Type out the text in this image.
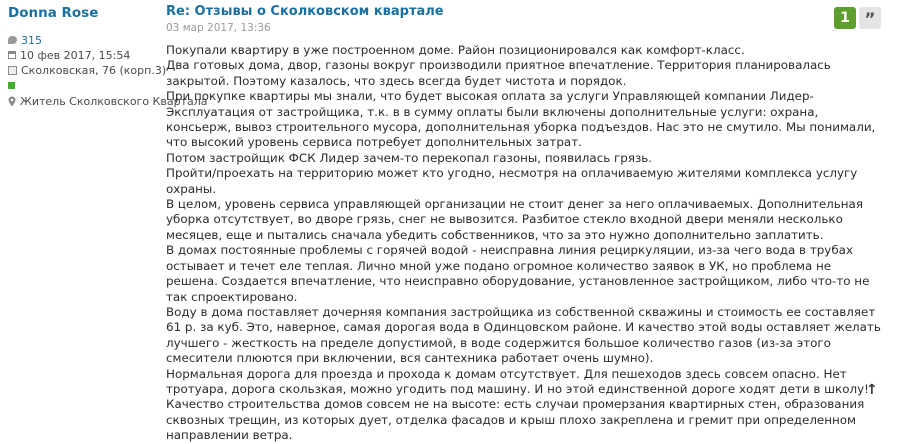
Donna Rose
315
10 фев 2017, 15:54
Сколковская, 76 (корп.3)
Житель Сколковского Квартала
Re: Отзывы о Сколковском квартале
03 мар 2017, 13:36
1 ”

Покупали квартиру в уже построенном доме. Район позиционировался как комфорт-класс.

Два готовых дома, двор, газоны вокруг производили приятное впечатление. Территория планировалась закрытой. Поэтому казалось, что здесь всегда будет чистота и порядок.

При покупке квартиры мы знали, что будет высокая оплата за услуги Управляющей компании Лидер-Эксплуатация от застройщика, т.к. в в сумму оплаты были включены дополнительные услуги: охрана, консьерж, вывоз строительного мусора, дополнительная уборка подъездов. Нас это не смутило. Мы понимали, что высокий уровень сервиса потребует дополнительных затрат.

Потом застройщик ФСК Лидер зачем-то перекопал газоны, появилась грязь.

Пройти/проехать на территорию может кто угодно, несмотря на оплачиваемую жителями комплекса услугу охраны.

В целом, уровень сервиса управляющей организации не стоит денег за него оплачиваемых. Дополнительная уборка отсутствует, во дворе грязь, снег не вывозится. Разбитое стекло входной двери меняли несколько месяцев, еще и пытались сначала убедить собственников, что за это нужно дополнительно заплатить.

В домах постоянные проблемы с горячей водой - неисправна линия рециркуляции, из-за чего вода в трубах остывает и течет еле теплая. Лично мной уже подано огромное количество заявок в УК, но проблема не решена. Создается впечатление, что неисправно оборудование, установленное застройщиком, либо что-то не так спроектировано.

Воду в дома поставляет дочерняя компания застройщика из собственной скважины и стоимость ее составляет 61 р. за куб. Это, наверное, самая дорогая вода в Одинцовском районе. И качество этой воды оставляет желать лучшего - жесткость на пределе допустимой, в воде содержится большое количество газов (из-за этого смесители плюются при включении, вся сантехника работает очень шумно).

Нормальная дорога для проезда и прохода к домам отсутствует. Для пешеходов здесь совсем опасно. Нет тротуара, дорога скользкая, можно угодить под машину. И но этой единственной дороге ходят дети в школу!

Качество строительства домов совсем не на высоте: есть случаи промерзания квартирных стен, образования сквозных трещин, из которых дует, отделка фасадов и крыш плохо закреплена и гремит при определенном направлении ветра.

↑
